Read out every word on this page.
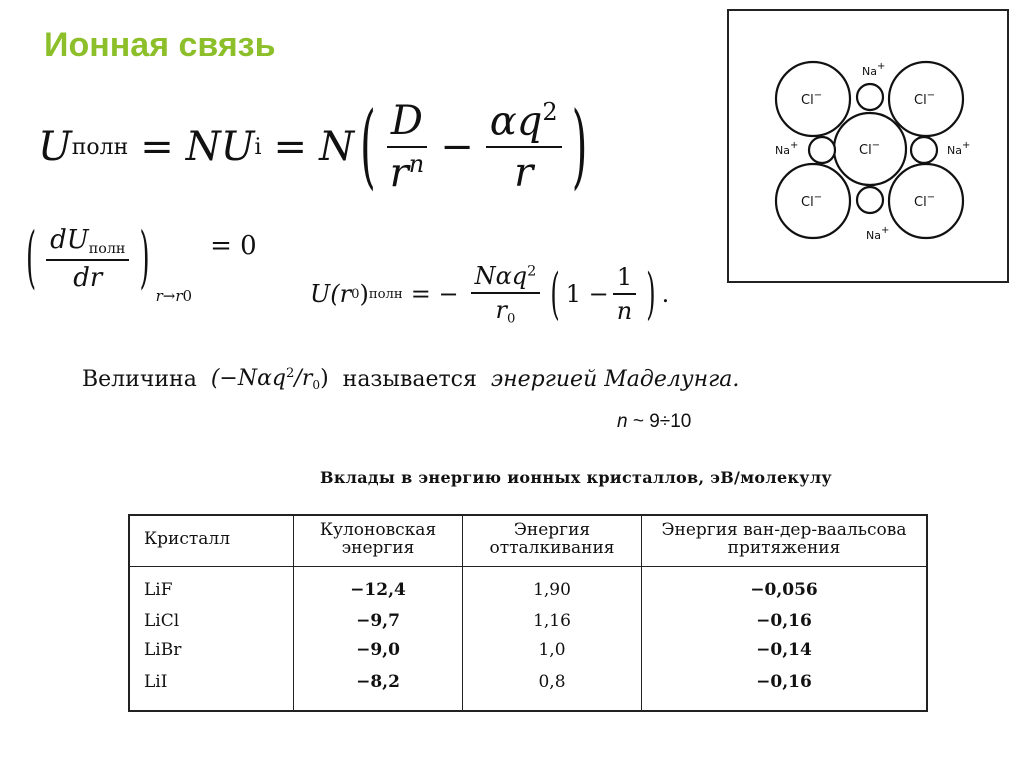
Ионная связь
U полн = N U i = N ( $\frac{D}{r^n} - \frac{\alpha q^2}{r}$ )
( $\frac{dU_{полн}}{dr}$ ) r→r0
= 0
U(r 0 ) полн = − $\frac{N\alpha q^2}{r_0}$ ( $1 - \frac{1}{n}$ ) .
Величина $(-N\alpha q^2/r_0)$ называется энергией Маделунга.
n ~ 9÷10
Cl−	Cl−
Cl−
Cl−	Cl−
Na+
Na+
Na+	Na+
Вклады в энергию ионных кристаллов, эВ/молекулу
Кристалл	Кулоновская энергия	Энергия отталкивания	Энергия ван-дер-ваальсова притяжения
LiF	−12,4	1,90	−0,056
LiCl	−9,7	1,16	−0,16
LiBr	−9,0	1,0	−0,14
LiI	−8,2	0,8	−0,16
